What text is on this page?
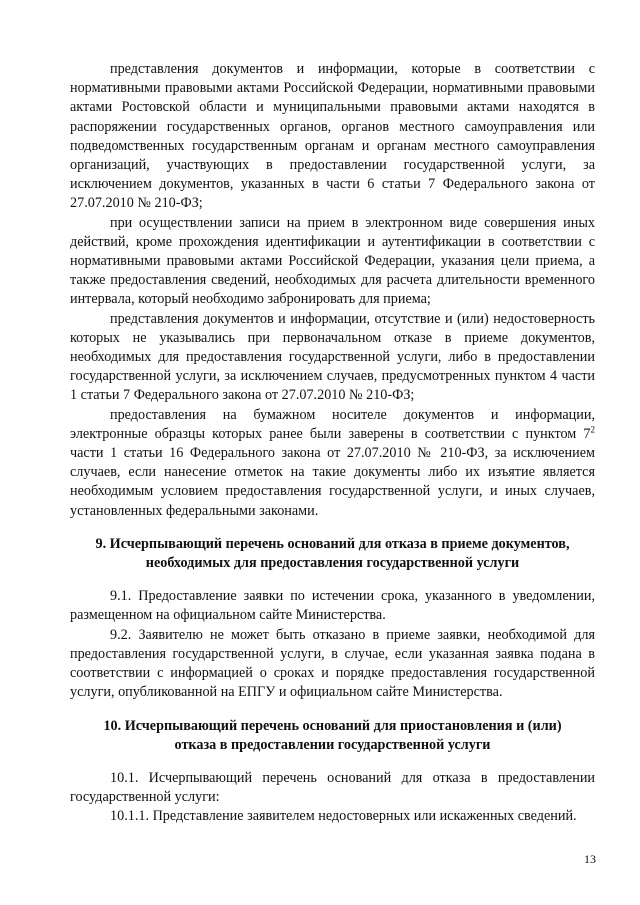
представления документов и информации, которые в соответствии с нормативными правовыми актами Российской Федерации, нормативными правовыми актами Ростовской области и муниципальными правовыми актами находятся в распоряжении государственных органов, органов местного самоуправления или подведомственных государственным органам и органам местного самоуправления организаций, участвующих в предоставлении государственной услуги, за исключением документов, указанных в части 6 статьи 7 Федерального закона от 27.07.2010 № 210-ФЗ;

при осуществлении записи на прием в электронном виде совершения иных действий, кроме прохождения идентификации и аутентификации в соответствии с нормативными правовыми актами Российской Федерации, указания цели приема, а также предоставления сведений, необходимых для расчета длительности временного интервала, который необходимо забронировать для приема;

представления документов и информации, отсутствие и (или) недостоверность которых не указывались при первоначальном отказе в приеме документов, необходимых для предоставления государственной услуги, либо в предоставлении государственной услуги, за исключением случаев, предусмотренных пунктом 4 части 1 статьи 7 Федерального закона от 27.07.2010 № 210-ФЗ;

предоставления на бумажном носителе документов и информации, электронные образцы которых ранее были заверены в соответствии с пунктом $7^2$ части 1 статьи 16 Федерального закона от 27.07.2010 № 210-ФЗ, за исключением случаев, если нанесение отметок на такие документы либо их изъятие является необходимым условием предоставления государственной услуги, и иных случаев, установленных федеральными законами.

9. Исчерпывающий перечень оснований для отказа в приеме документов,
необходимых для предоставления государственной услуги

9.1. Предоставление заявки по истечении срока, указанного в уведомлении, размещенном на официальном сайте Министерства.

9.2. Заявителю не может быть отказано в приеме заявки, необходимой для предоставления государственной услуги, в случае, если указанная заявка подана в соответствии с информацией о сроках и порядке предоставления государственной услуги, опубликованной на ЕПГУ и официальном сайте Министерства.

10. Исчерпывающий перечень оснований для приостановления и (или)
отказа в предоставлении государственной услуги

10.1. Исчерпывающий перечень оснований для отказа в предоставлении государственной услуги:

10.1.1. Представление заявителем недостоверных или искаженных сведений.

13
